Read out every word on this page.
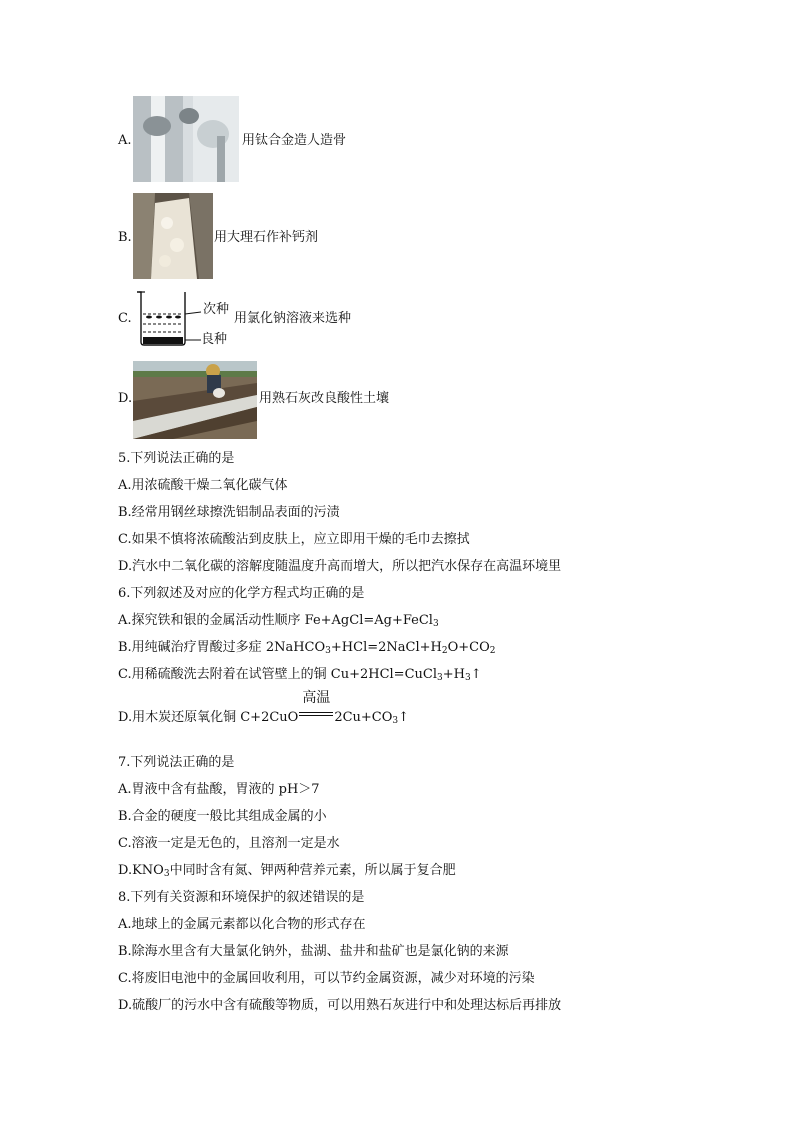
A.	用钛合金造人造骨
B.	用大理石作补钙剂
C.
次种
良种
用氯化钠溶液来选种
D.	用熟石灰改良酸性土壤
5.下列说法正确的是
A.用浓硫酸干燥二氧化碳气体
B.经常用钢丝球擦洗铝制品表面的污渍
C.如果不慎将浓硫酸沾到皮肤上，应立即用干燥的毛巾去擦拭
D.汽水中二氧化碳的溶解度随温度升高而增大，所以把汽水保存在高温环境里
6.下列叙述及对应的化学方程式均正确的是
A.探究铁和银的金属活动性顺序 Fe+AgCl=Ag+FeCl$_3$
B.用纯碱治疗胃酸过多症 $2NaHCO_3+HCl=2NaCl+H_2O+CO_2$
C.用稀硫酸洗去附着在试管壁上的铜 $Cu+2HCl=CuCl_3+H_3↑$
D.用木炭还原氧化铜 C+2CuO
高温
$2Cu+CO_3↑$
7.下列说法正确的是
A.胃液中含有盐酸，胃液的 pH＞7
B.合金的硬度一般比其组成金属的小
C.溶液一定是无色的，且溶剂一定是水
$D.KNO_3$中同时含有氮、钾两种营养元素，所以属于复合肥
8.下列有关资源和环境保护的叙述错误的是
A.地球上的金属元素都以化合物的形式存在
B.除海水里含有大量氯化钠外，盐湖、盐井和盐矿也是氯化钠的来源
C.将废旧电池中的金属回收利用，可以节约金属资源，减少对环境的污染
D.硫酸厂的污水中含有硫酸等物质，可以用熟石灰进行中和处理达标后再排放
